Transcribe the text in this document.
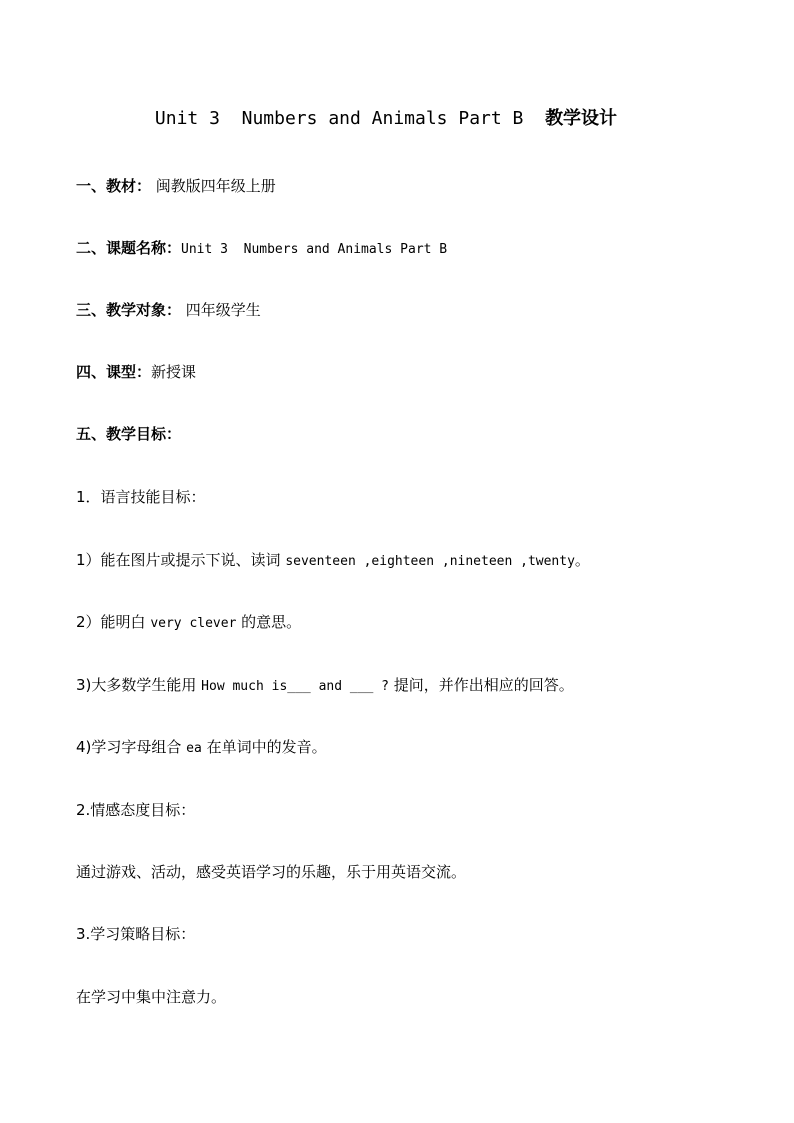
Unit 3  Numbers and Animals Part B  教学设计
一、教材： 闽教版四年级上册
二、课题名称：Unit 3  Numbers and Animals Part B
三、教学对象： 四年级学生
四、课型：新授课
五、教学目标：
1．语言技能目标：
1）能在图片或提示下说、读词 seventeen ,eighteen ,nineteen ,twenty。
2）能明白 very clever 的意思。
3)大多数学生能用 How much is___ and ___ ? 提问，并作出相应的回答。
4)学习字母组合 ea 在单词中的发音。
2.情感态度目标：
通过游戏、活动，感受英语学习的乐趣，乐于用英语交流。
3.学习策略目标：
在学习中集中注意力。
